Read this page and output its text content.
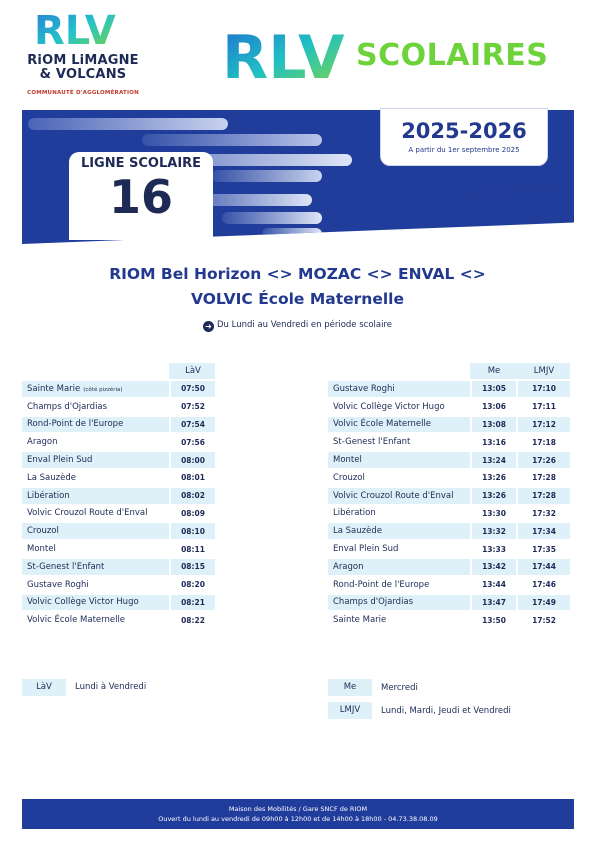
RLV
RiOM LiMAGNE
& VOLCANS
COMMUNAUTÉ D'AGGLOMÉRATION RLV SCOLAIRES
2025-2026
A partir du 1er septembre 2025
Plus d'infos sur www.rlv-mobilites.fr
LIGNE SCOLAIRE
16
RIOM Bel Horizon <> MOZAC <> ENVAL <>
VOLVIC École Maternelle
➜ Du Lundi au Vendredi en période scolaire
		LàV
Sainte Marie (côté pizzéria)		07:50
Champs d'Ojardias		07:52
Rond-Point de l'Europe		07:54
Aragon		07:56
Enval Plein Sud		08:00
La Sauzède		08:01
Libération		08:02
Volvic Crouzol Route d'Enval		08:09
Crouzol		08:10
Montel		08:11
St-Genest l'Enfant		08:15
Gustave Roghi		08:20
Volvic Collège Victor Hugo		08:21
Volvic École Maternelle		08:22
		Me		LMJV
Gustave Roghi		13:05		17:10
Volvic Collège Victor Hugo		13:06		17:11
Volvic École Maternelle		13:08		17:12
St-Genest l'Enfant		13:16		17:18
Montel		13:24		17:26
Crouzol		13:26		17:28
Volvic Crouzol Route d'Enval		13:26		17:28
Libération		13:30		17:32
La Sauzède		13:32		17:34
Enval Plein Sud		13:33		17:35
Aragon		13:42		17:44
Rond-Point de l'Europe		13:44		17:46
Champs d'Ojardias		13:47		17:49
Sainte Marie		13:50		17:52
LàV	Lundi à Vendredi	Me	Mercredi
LMJV	Lundi, Mardi, Jeudi et Vendredi
Maison des Mobilités / Gare SNCF de RIOM
Ouvert du lundi au vendredi de 09h00 à 12h00 et de 14h00 à 18h00 - 04.73.38.08.09
